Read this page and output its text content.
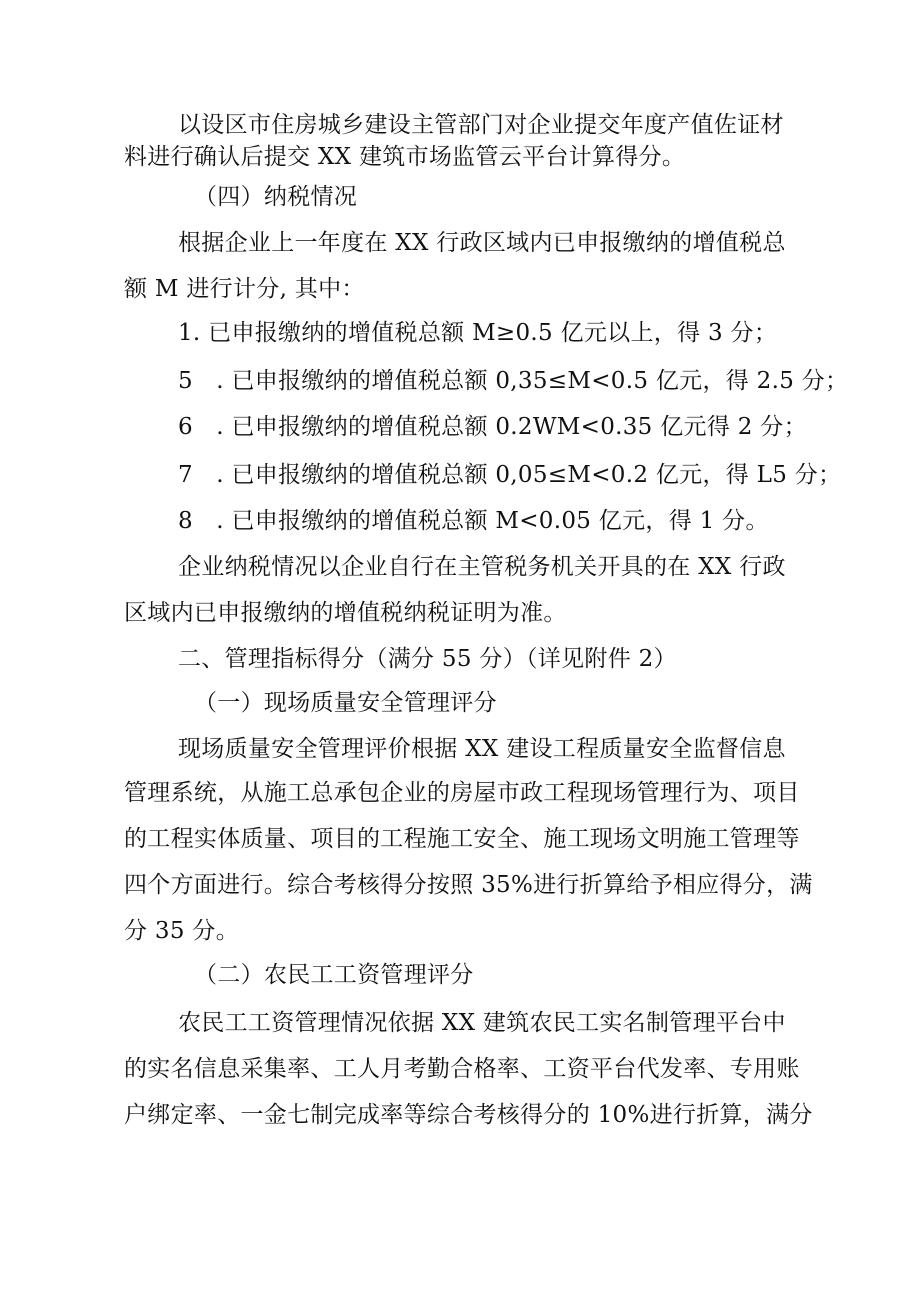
以设区市住房城乡建设主管部门对企业提交年度产值佐证材
料进行确认后提交 XX 建筑市场监管云平台计算得分。
（四）纳税情况
根据企业上一年度在 XX 行政区域内已申报缴纳的增值税总
额 M 进行计分, 其中：
1. 已申报缴纳的增值税总额 M≥0.5 亿元以上，得 3 分；
5　. 已申报缴纳的增值税总额 0,35≤M<0.5 亿元，得 2.5 分；
6　. 已申报缴纳的增值税总额 0.2WM<0.35 亿元得 2 分；
7　. 已申报缴纳的增值税总额 0,05≤M<0.2 亿元，得 L5 分；
8　. 已申报缴纳的增值税总额 M<0.05 亿元，得 1 分。
企业纳税情况以企业自行在主管税务机关开具的在 XX 行政
区域内已申报缴纳的增值税纳税证明为准。
二、管理指标得分（满分 55 分）（详见附件 2）
（一）现场质量安全管理评分
现场质量安全管理评价根据 XX 建设工程质量安全监督信息
管理系统，从施工总承包企业的房屋市政工程现场管理行为、项目
的工程实体质量、项目的工程施工安全、施工现场文明施工管理等
四个方面进行。综合考核得分按照 35%进行折算给予相应得分，满
分 35 分。
（二）农民工工资管理评分
农民工工资管理情况依据 XX 建筑农民工实名制管理平台中
的实名信息采集率、工人月考勤合格率、工资平台代发率、专用账
户绑定率、一金七制完成率等综合考核得分的 10%进行折算，满分
